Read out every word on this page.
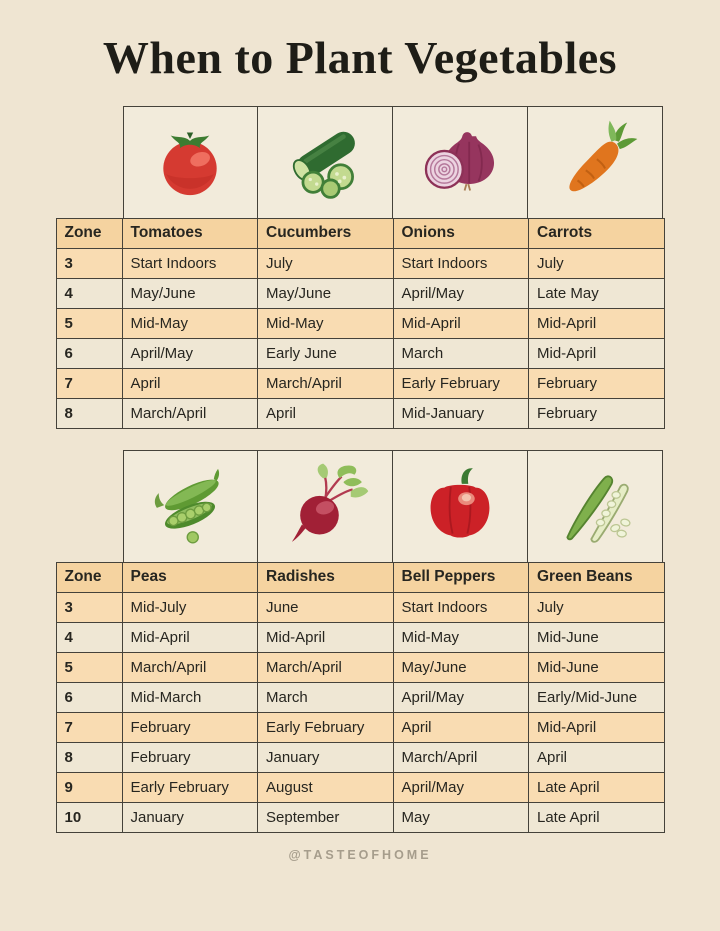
When to Plant Vegetables
Zone	Tomatoes	Cucumbers	Onions	Carrots
3	Start Indoors	July	Start Indoors	July
4	May/June	May/June	April/May	Late May
5	Mid-May	Mid-May	Mid-April	Mid-April
6	April/May	Early June	March	Mid-April
7	April	March/April	Early February	February
8	March/April	April	Mid-January	February
Zone	Peas	Radishes	Bell Peppers	Green Beans
3	Mid-July	June	Start Indoors	July
4	Mid-April	Mid-April	Mid-May	Mid-June
5	March/April	March/April	May/June	Mid-June
6	Mid-March	March	April/May	Early/Mid-June
7	February	Early February	April	Mid-April
8	February	January	March/April	April
9	Early February	August	April/May	Late April
10	January	September	May	Late April
@TASTEOFHOME
